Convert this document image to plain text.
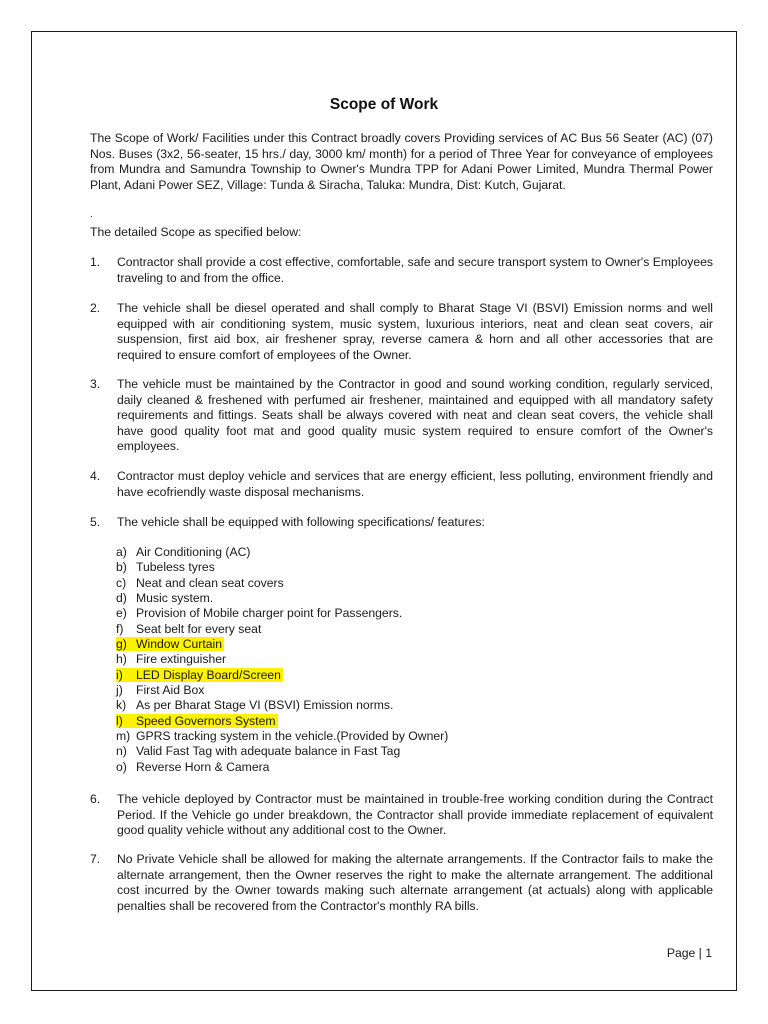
Scope of Work
The Scope of Work/ Facilities under this Contract broadly covers Providing services of AC Bus 56 Seater (AC) (07) Nos. Buses (3x2, 56-seater, 15 hrs./ day, 3000 km/ month) for a period of Three Year for conveyance of employees from Mundra and Samundra Township to Owner's Mundra TPP for Adani Power Limited, Mundra Thermal Power Plant, Adani Power SEZ, Village: Tunda & Siracha, Taluka: Mundra, Dist: Kutch, Gujarat.
.
The detailed Scope as specified below:
1.	Contractor shall provide a cost effective, comfortable, safe and secure transport system to Owner's Employees traveling to and from the office.
2.	The vehicle shall be diesel operated and shall comply to Bharat Stage VI (BSVI) Emission norms and well equipped with air conditioning system, music system, luxurious interiors, neat and clean seat covers, air suspension, first aid box, air freshener spray, reverse camera & horn and all other accessories that are required to ensure comfort of employees of the Owner.
3.	The vehicle must be maintained by the Contractor in good and sound working condition, regularly serviced, daily cleaned & freshened with perfumed air freshener, maintained and equipped with all mandatory safety requirements and fittings. Seats shall be always covered with neat and clean seat covers, the vehicle shall have good quality foot mat and good quality music system required to ensure comfort of the Owner's employees.
4.	Contractor must deploy vehicle and services that are energy efficient, less polluting, environment friendly and have ecofriendly waste disposal mechanisms.
5.	The vehicle shall be equipped with following specifications/ features:
a) Air Conditioning (AC)
b) Tubeless tyres
c) Neat and clean seat covers
d) Music system.
e) Provision of Mobile charger point for Passengers.
f) Seat belt for every seat
g) Window Curtain
h) Fire extinguisher
i) LED Display Board/Screen
j) First Aid Box
k) As per Bharat Stage VI (BSVI) Emission norms.
l) Speed Governors System
m) GPRS tracking system in the vehicle.(Provided by Owner)
n) Valid Fast Tag with adequate balance in Fast Tag
o) Reverse Horn & Camera
6.	The vehicle deployed by Contractor must be maintained in trouble-free working condition during the Contract Period. If the Vehicle go under breakdown, the Contractor shall provide immediate replacement of equivalent good quality vehicle without any additional cost to the Owner.
7.	No Private Vehicle shall be allowed for making the alternate arrangements. If the Contractor fails to make the alternate arrangement, then the Owner reserves the right to make the alternate arrangement. The additional cost incurred by the Owner towards making such alternate arrangement (at actuals) along with applicable penalties shall be recovered from the Contractor's monthly RA bills.
Page | 1
